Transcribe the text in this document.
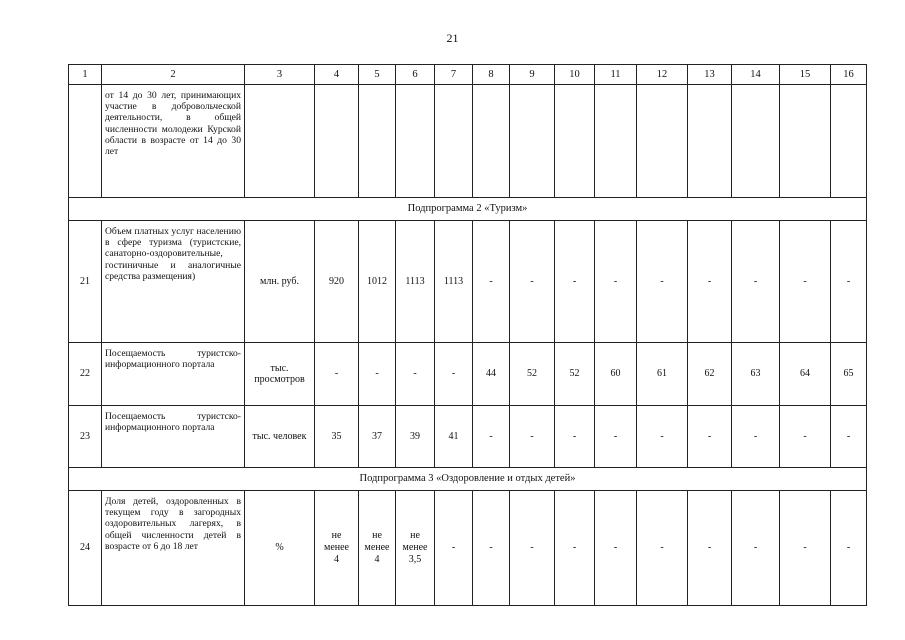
21
1	2	3	4	5	6	7	8	9	10	11	12	13	14	15	16
	от 14 до 30 лет, принимающих участие в добровольческой деятельности, в общей численности молодежи Курской области в возрасте от 14 до 30 лет														
Подпрограмма 2 «Туризм»															
21	Объем платных услуг населению в сфере туризма (туристские, санаторно-оздоровительные, гостиничные и аналогичные средства размещения)	млн. руб.	920	1012	1113	1113	-	-	-	-	-	-	-	-	-
22	Посещаемость туристско-информационного портала	тыс. просмотров	-	-	-	-	44	52	52	60	61	62	63	64	65
23	Посещаемость туристско-информационного портала	тыс. человек	35	37	39	41	-	-	-	-	-	-	-	-	-
Подпрограмма 3 «Оздоровление и отдых детей»															
24	Доля детей, оздоровленных в текущем году в загородных оздоровительных лагерях, в общей численности детей в возрасте от 6 до 18 лет	%	не менее 4	не менее 4	не менее 3,5	-	-	-	-	-	-	-	-	-	-
